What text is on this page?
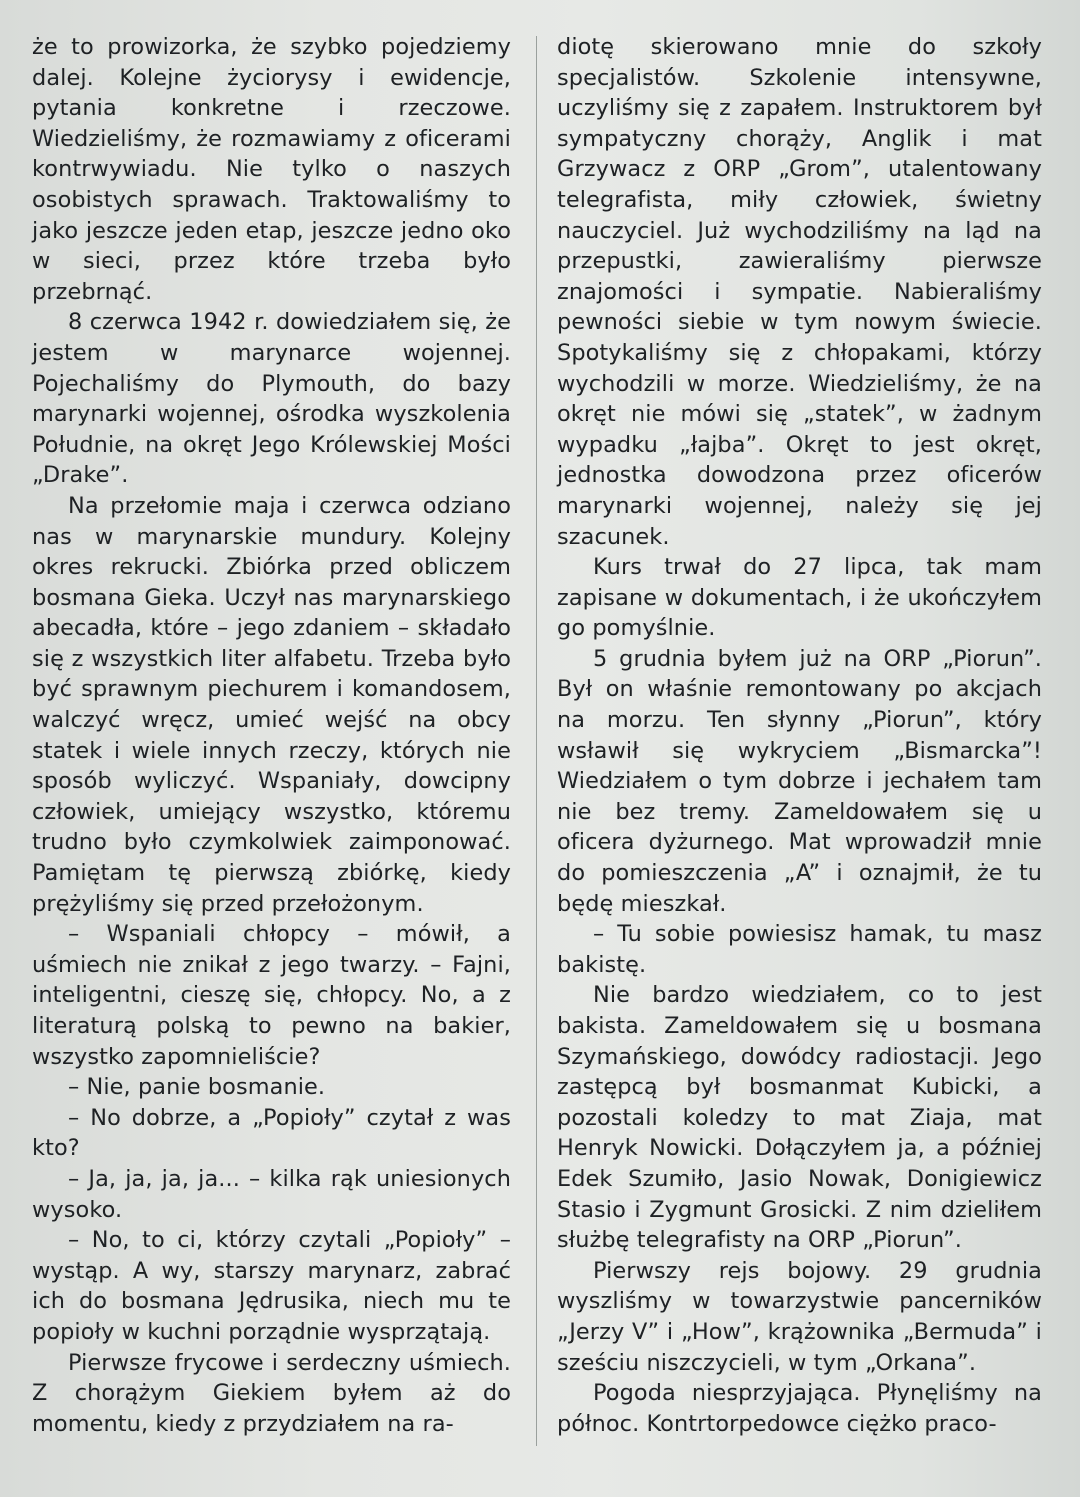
że to prowizorka, że szybko pojedziemy dalej. Kolejne życiorysy i ewidencje, pytania konkretne i rzeczowe. Wiedzieliśmy, że rozmawiamy z oficerami kontrwywiadu. Nie tylko o naszych osobistych sprawach. Traktowaliśmy to jako jeszcze jeden etap, jeszcze jedno oko w sieci, przez które trzeba było przebrnąć.

8 czerwca 1942 r. dowiedziałem się, że jestem w marynarce wojennej. Pojechaliśmy do Plymouth, do bazy marynarki wojennej, ośrodka wyszkolenia Południe, na okręt Jego Królewskiej Mości „Drake”.

Na przełomie maja i czerwca odziano nas w marynarskie mundury. Kolejny okres rekrucki. Zbiórka przed obliczem bosmana Gieka. Uczył nas marynarskiego abecadła, które – jego zdaniem – składało się z wszystkich liter alfabetu. Trzeba było być sprawnym piechurem i komandosem, walczyć wręcz, umieć wejść na obcy statek i wiele innych rzeczy, których nie sposób wyliczyć. Wspaniały, dowcipny człowiek, umiejący wszystko, któremu trudno było czymkolwiek zaimponować. Pamiętam tę pierwszą zbiórkę, kiedy prężyliśmy się przed przełożonym.

– Wspaniali chłopcy – mówił, a uśmiech nie znikał z jego twarzy. – Fajni, inteligentni, cieszę się, chłopcy. No, a z literaturą polską to pewno na bakier, wszystko zapomnieliście?

– Nie, panie bosmanie.

– No dobrze, a „Popioły” czytał z was kto?

– Ja, ja, ja, ja... – kilka rąk uniesionych wysoko.

– No, to ci, którzy czytali „Popioły” – wystąp. A wy, starszy marynarz, zabrać ich do bosmana Jędrusika, niech mu te popioły w kuchni porządnie wysprzątają.

Pierwsze frycowe i serdeczny uśmiech. Z chorążym Giekiem byłem aż do momentu, kiedy z przydziałem na ra-

diotę skierowano mnie do szkoły specjalistów. Szkolenie intensywne, uczyliśmy się z zapałem. Instruktorem był sympatyczny chorąży, Anglik i mat Grzywacz z ORP „Grom”, utalentowany telegrafista, miły człowiek, świetny nauczyciel. Już wychodziliśmy na ląd na przepustki, zawieraliśmy pierwsze znajomości i sympatie. Nabieraliśmy pewności siebie w tym nowym świecie. Spotykaliśmy się z chłopakami, którzy wychodzili w morze. Wiedzieliśmy, że na okręt nie mówi się „statek”, w żadnym wypadku „łajba”. Okręt to jest okręt, jednostka dowodzona przez oficerów marynarki wojennej, należy się jej szacunek.

Kurs trwał do 27 lipca, tak mam zapisane w dokumentach, i że ukończyłem go pomyślnie.

5 grudnia byłem już na ORP „Piorun”. Był on właśnie remontowany po akcjach na morzu. Ten słynny „Piorun”, który wsławił się wykryciem „Bismarcka”! Wiedziałem o tym dobrze i jechałem tam nie bez tremy. Zameldowałem się u oficera dyżurnego. Mat wprowadził mnie do pomieszczenia „A” i oznajmił, że tu będę mieszkał.

– Tu sobie powiesisz hamak, tu masz bakistę.

Nie bardzo wiedziałem, co to jest bakista. Zameldowałem się u bosmana Szymańskiego, dowódcy radiostacji. Jego zastępcą był bosmanmat Kubicki, a pozostali koledzy to mat Ziaja, mat Henryk Nowicki. Dołączyłem ja, a później Edek Szumiło, Jasio Nowak, Donigiewicz Stasio i Zygmunt Grosicki. Z nim dzieliłem służbę telegrafisty na ORP „Piorun”.

Pierwszy rejs bojowy. 29 grudnia wyszliśmy w towarzystwie pancerników „Jerzy V” i „How”, krążownika „Bermuda” i sześciu niszczycieli, w tym „Orkana”.

Pogoda niesprzyjająca. Płynęliśmy na północ. Kontrtorpedowce ciężko praco-
